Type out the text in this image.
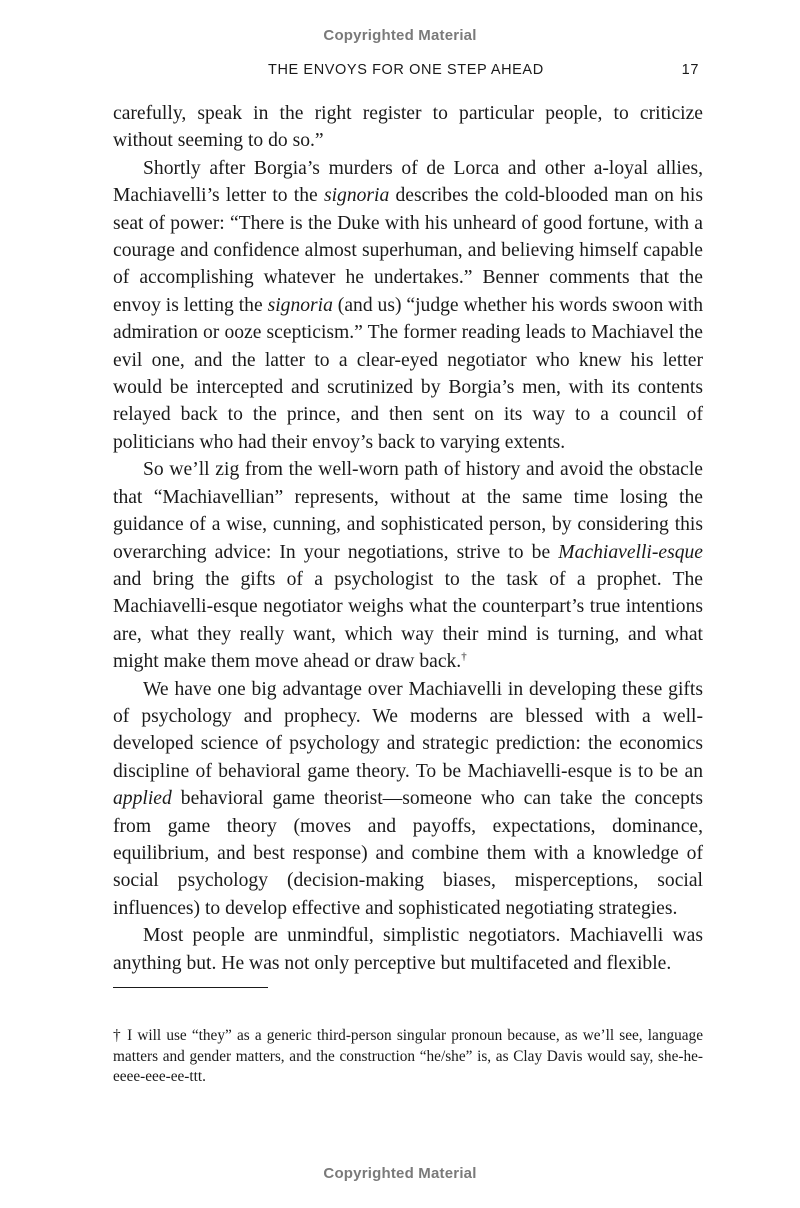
Copyrighted Material
THE ENVOYS FOR ONE STEP AHEAD	17

carefully, speak in the right register to particular people, to criticize without seeming to do so.”

Shortly after Borgia’s murders of de Lorca and other a-loyal allies, Machiavelli’s letter to the signoria describes the cold-blooded man on his seat of power: “There is the Duke with his unheard of good fortune, with a courage and confidence almost superhuman, and believing himself capable of accomplishing whatever he undertakes.” Benner comments that the envoy is letting the signoria (and us) “judge whether his words swoon with admiration or ooze scepticism.” The former reading leads to Machiavel the evil one, and the latter to a clear-eyed negotiator who knew his letter would be intercepted and scrutinized by Borgia’s men, with its contents relayed back to the prince, and then sent on its way to a council of politicians who had their envoy’s back to varying extents.

So we’ll zig from the well-worn path of history and avoid the obstacle that “Machiavellian” represents, without at the same time losing the guidance of a wise, cunning, and sophisticated person, by considering this overarching advice: In your negotiations, strive to be Machiavelli-esque and bring the gifts of a psychologist to the task of a prophet. The Machiavelli-esque negotiator weighs what the counterpart’s true intentions are, what they really want, which way their mind is turning, and what might make them move ahead or draw back.†

We have one big advantage over Machiavelli in developing these gifts of psychology and prophecy. We moderns are blessed with a well-developed science of psychology and strategic prediction: the economics discipline of behavioral game theory. To be Machiavelli-esque is to be an applied behavioral game theorist—someone who can take the concepts from game theory (moves and payoffs, expectations, dominance, equilibrium, and best response) and combine them with a knowledge of social psychology (decision-making biases, misperceptions, social influences) to develop effective and sophisticated negotiating strategies.

Most people are unmindful, simplistic negotiators. Machiavelli was anything but. He was not only perceptive but multifaceted and flexible.

† I will use “they” as a generic third-person singular pronoun because, as we’ll see, language matters and gender matters, and the construction “he/she” is, as Clay Davis would say, she-he-eeee-eee-ee-ttt.
Copyrighted Material
